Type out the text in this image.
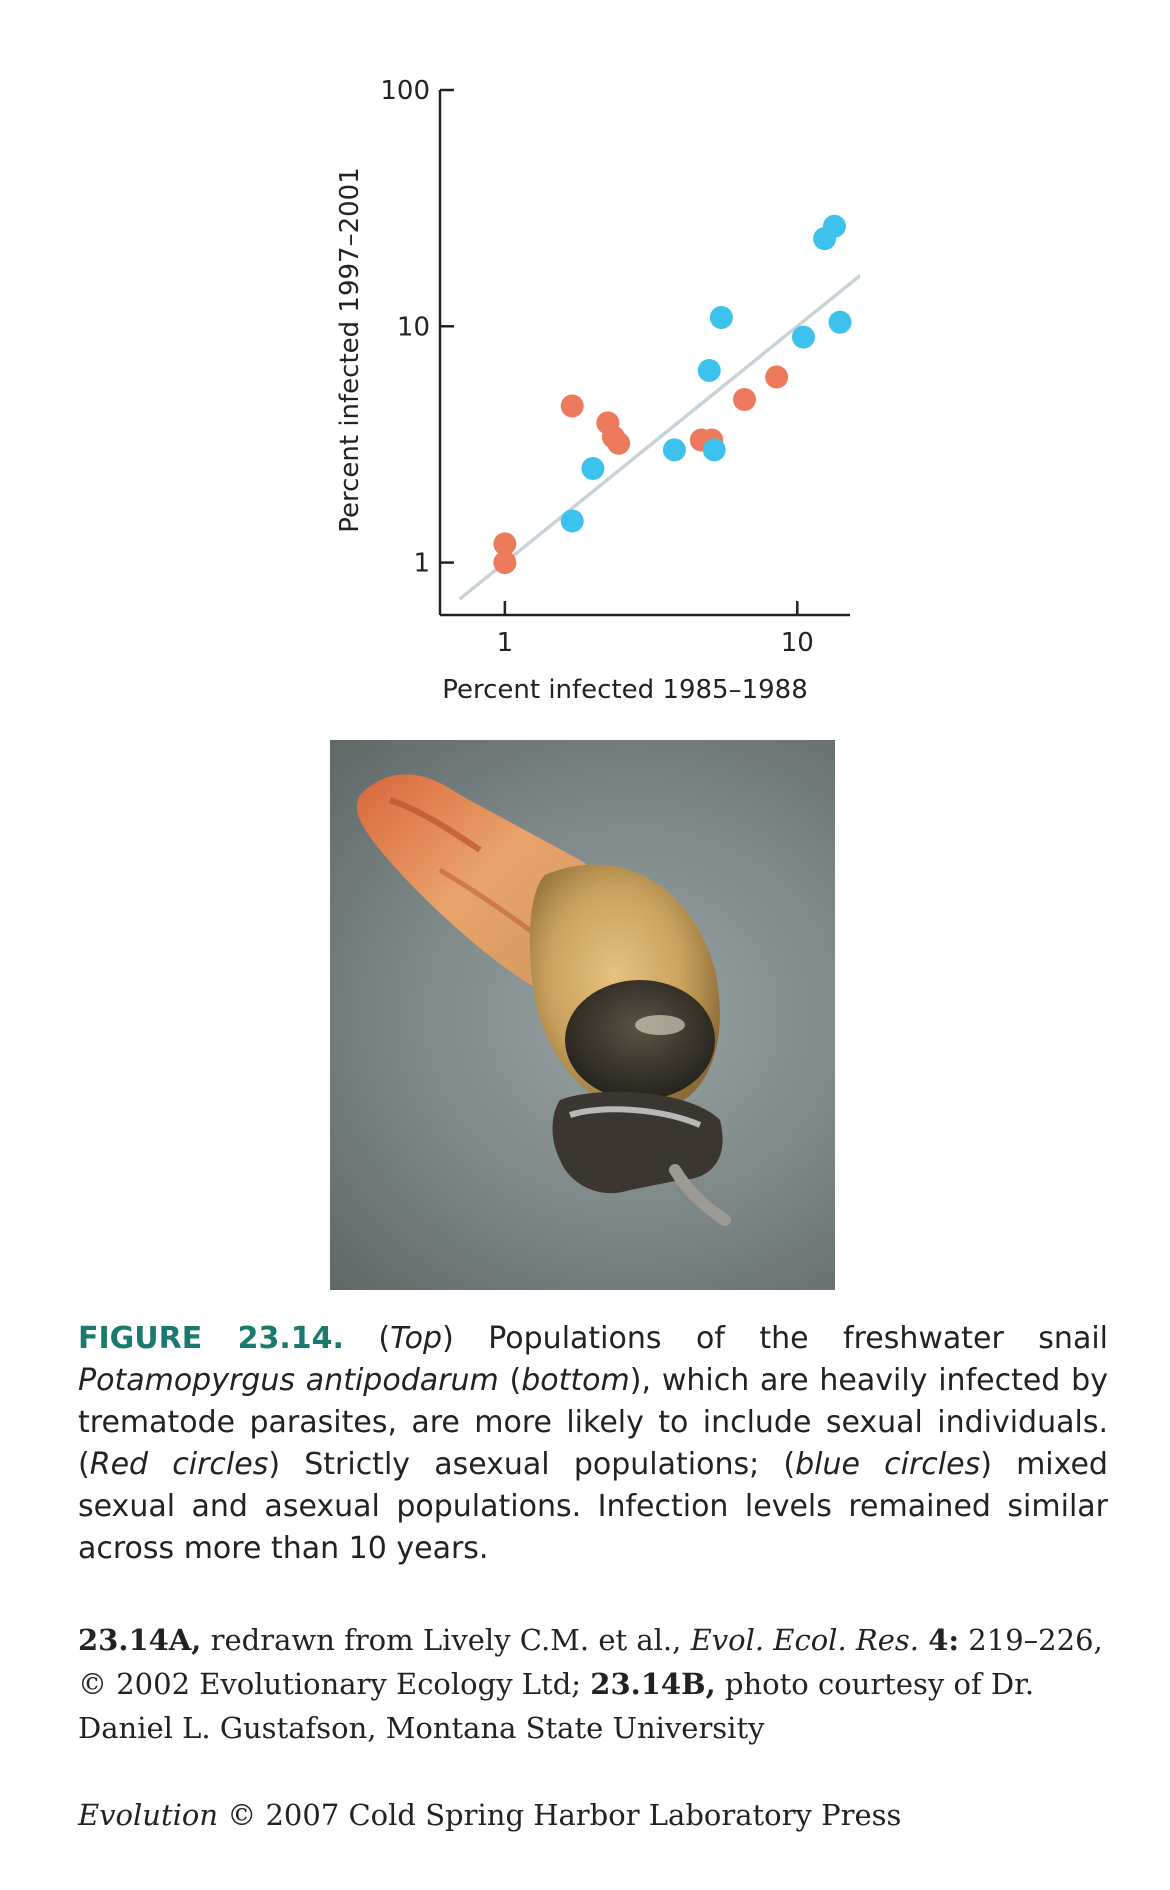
1
10
100
1	10
Percent infected 1997–2001
Percent infected 1985–1988
FIGURE 23.14. (Top) Populations of the freshwater snail Potamopyrgus antipodarum (bottom), which are heavily infected by trematode parasites, are more likely to include sexual individuals. (Red circles) Strictly asexual populations; (blue circles) mixed sexual and asexual populations. Infection levels remained similar across more than 10 years.
23.14A, redrawn from Lively C.M. et al., Evol. Ecol. Res. 4: 219–226, © 2002 Evolutionary Ecology Ltd; 23.14B, photo courtesy of Dr. Daniel L. Gustafson, Montana State University
Evolution © 2007 Cold Spring Harbor Laboratory Press
